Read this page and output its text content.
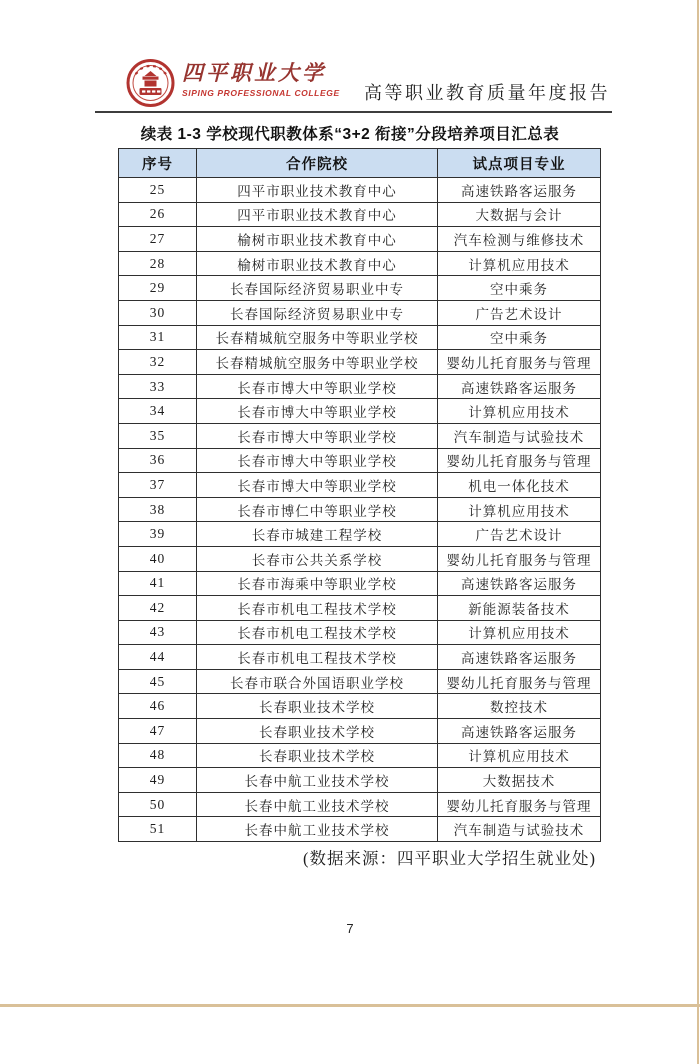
四平职业大学
SIPING PROFESSIONAL COLLEGE 高等职业教育质量年度报告
续表 1-3 学校现代职教体系“3+2 衔接”分段培养项目汇总表
序号	合作院校	试点项目专业
25	四平市职业技术教育中心	高速铁路客运服务
26	四平市职业技术教育中心	大数据与会计
27	榆树市职业技术教育中心	汽车检测与维修技术
28	榆树市职业技术教育中心	计算机应用技术
29	长春国际经济贸易职业中专	空中乘务
30	长春国际经济贸易职业中专	广告艺术设计
31	长春精城航空服务中等职业学校	空中乘务
32	长春精城航空服务中等职业学校	婴幼儿托育服务与管理
33	长春市博大中等职业学校	高速铁路客运服务
34	长春市博大中等职业学校	计算机应用技术
35	长春市博大中等职业学校	汽车制造与试验技术
36	长春市博大中等职业学校	婴幼儿托育服务与管理
37	长春市博大中等职业学校	机电一体化技术
38	长春市博仁中等职业学校	计算机应用技术
39	长春市城建工程学校	广告艺术设计
40	长春市公共关系学校	婴幼儿托育服务与管理
41	长春市海乘中等职业学校	高速铁路客运服务
42	长春市机电工程技术学校	新能源装备技术
43	长春市机电工程技术学校	计算机应用技术
44	长春市机电工程技术学校	高速铁路客运服务
45	长春市联合外国语职业学校	婴幼儿托育服务与管理
46	长春职业技术学校	数控技术
47	长春职业技术学校	高速铁路客运服务
48	长春职业技术学校	计算机应用技术
49	长春中航工业技术学校	大数据技术
50	长春中航工业技术学校	婴幼儿托育服务与管理
51	长春中航工业技术学校	汽车制造与试验技术
(数据来源：四平职业大学招生就业处)
7
